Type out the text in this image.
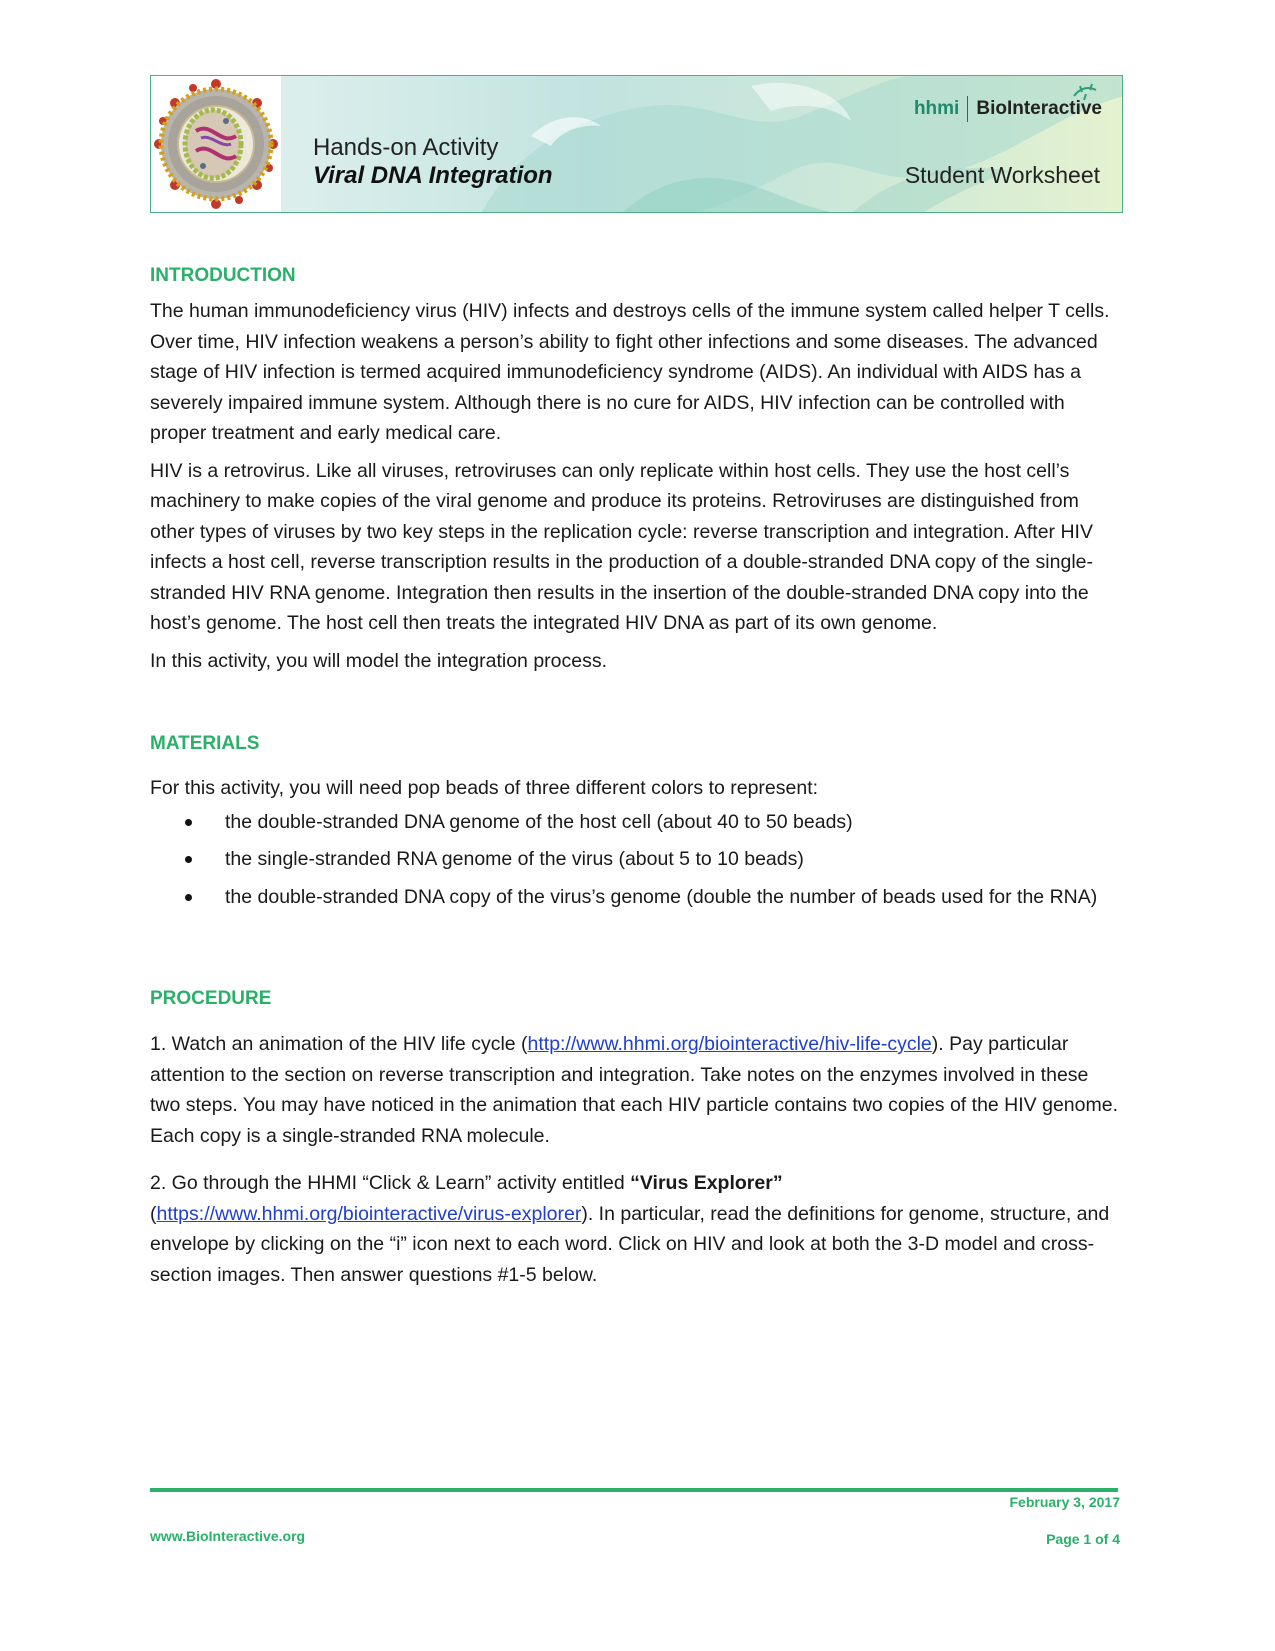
Hands-on Activity
Viral DNA Integration
hhmi BioInteractive
Student Worksheet
INTRODUCTION

The human immunodeficiency virus (HIV) infects and destroys cells of the immune system called helper T cells. Over time, HIV infection weakens a person’s ability to fight other infections and some diseases. The advanced stage of HIV infection is termed acquired immunodeficiency syndrome (AIDS). An individual with AIDS has a severely impaired immune system. Although there is no cure for AIDS, HIV infection can be controlled with proper treatment and early medical care.

HIV is a retrovirus. Like all viruses, retroviruses can only replicate within host cells. They use the host cell’s machinery to make copies of the viral genome and produce its proteins. Retroviruses are distinguished from other types of viruses by two key steps in the replication cycle: reverse transcription and integration. After HIV infects a host cell, reverse transcription results in the production of a double-stranded DNA copy of the single-stranded HIV RNA genome. Integration then results in the insertion of the double-stranded DNA copy into the host’s genome. The host cell then treats the integrated HIV DNA as part of its own genome.

In this activity, you will model the integration process.

MATERIALS

For this activity, you will need pop beads of three different colors to represent:

the double-stranded DNA genome of the host cell (about 40 to 50 beads)
the single-stranded RNA genome of the virus (about 5 to 10 beads)
the double-stranded DNA copy of the virus’s genome (double the number of beads used for the RNA)
PROCEDURE

1. Watch an animation of the HIV life cycle (http://www.hhmi.org/biointeractive/hiv-life-cycle). Pay particular attention to the section on reverse transcription and integration. Take notes on the enzymes involved in these two steps. You may have noticed in the animation that each HIV particle contains two copies of the HIV genome. Each copy is a single-stranded RNA molecule.

2. Go through the HHMI “Click & Learn” activity entitled “Virus Explorer”
(https://www.hhmi.org/biointeractive/virus-explorer). In particular, read the definitions for genome, structure, and envelope by clicking on the “i” icon next to each word. Click on HIV and look at both the 3-D model and cross-section images. Then answer questions #1-5 below.

www.BioInteractive.org
February 3, 2017
Page 1 of 4
